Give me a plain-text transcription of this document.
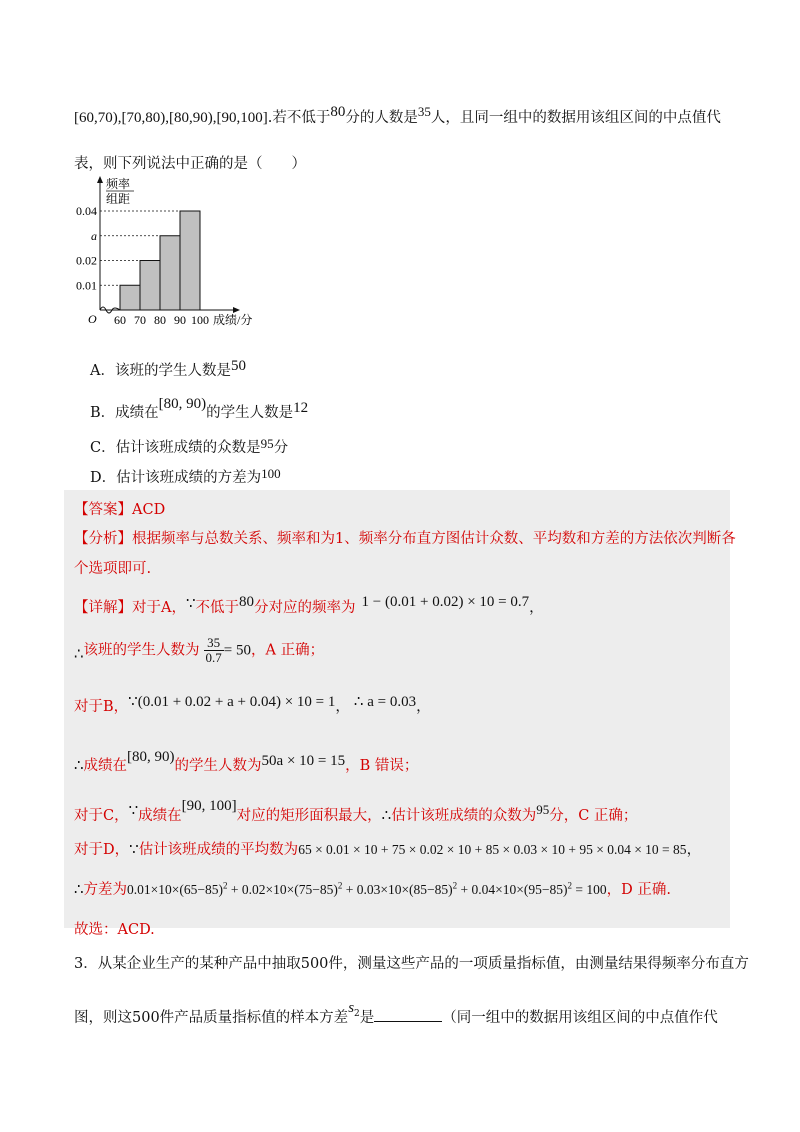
[60,70),[70,80),[80,90),[90,100].若不低于80分的人数是35人，且同一组中的数据用该组区间的中点值代
表，则下列说法中正确的是（　　）
0.04
a
0.02
0.01
60 70 80 90 100
频率
组距
成绩/分
O
A．该班的学生人数是50
B．成绩在[80, 90)的学生人数是12
C．估计该班成绩的众数是95分
D．估计该班成绩的方差为100
【答案】ACD
【分析】根据频率与总数关系、频率和为1、频率分布直方图估计众数、平均数和方差的方法依次判断各
个选项即可.
【详解】对于A，∵不低于80分对应的频率为 1 − (0.01 + 0.02) × 10 = 0.7，
∴该班的学生人数为 $\frac{35}{0.7} = 50$，A 正确；
对于B，∵(0.01 + 0.02 + a + 0.04) × 10 = 1， ∴ a = 0.03，
∴成绩在[80, 90)的学生人数为50a × 10 = 15，B 错误；
对于C，∵成绩在[90, 100]对应的矩形面积最大，∴估计该班成绩的众数为95分，C 正确；
对于D，∵估计该班成绩的平均数为65 × 0.01 × 10 + 75 × 0.02 × 10 + 85 × 0.03 × 10 + 95 × 0.04 × 10 = 85，
∴方差为$0.01\times 10\times(65-85)^2 + 0.02\times 10\times(75-85)^2 + 0.03\times 10\times(85-85)^2 + 0.04\times 10\times(95-85)^2 = 100$，D 正确.
故选：ACD.
3．从某企业生产的某种产品中抽取500件，测量这些产品的一项质量指标值，由测量结果得频率分布直方
图，则这500件产品质量指标值的样本方差$s^2$是	（同一组中的数据用该组区间的中点值作代
